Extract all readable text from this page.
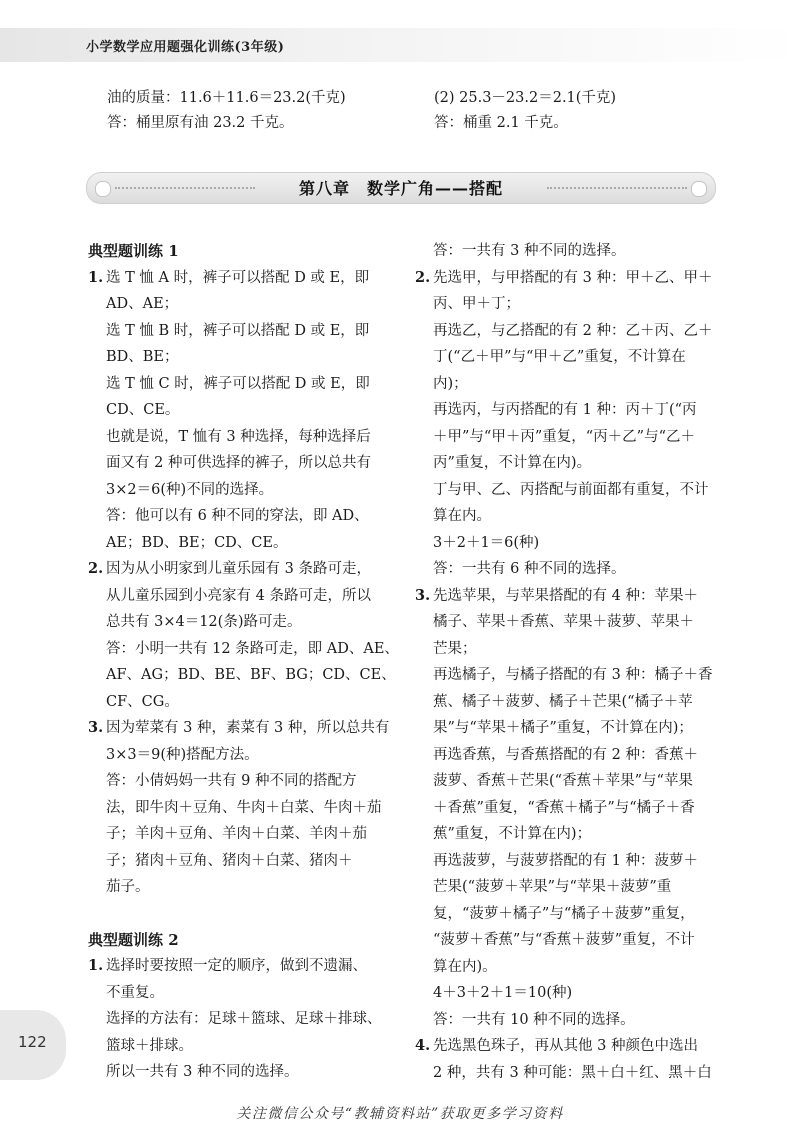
小学数学应用题强化训练(3年级)
油的质量：11.6＋11.6＝23.2(千克)
答：桶里原有油 23.2 千克。
(2) 25.3－23.2＝2.1(千克)
答：桶重 2.1 千克。
第八章　数学广角——搭配
典型题训练 1
1. 选 T 恤 A 时，裤子可以搭配 D 或 E，即
AD、AE；
选 T 恤 B 时，裤子可以搭配 D 或 E，即
BD、BE；
选 T 恤 C 时，裤子可以搭配 D 或 E，即
CD、CE。
也就是说，T 恤有 3 种选择，每种选择后
面又有 2 种可供选择的裤子，所以总共有
3×2＝6(种)不同的选择。
答：他可以有 6 种不同的穿法，即 AD、
AE；BD、BE；CD、CE。
2. 因为从小明家到儿童乐园有 3 条路可走，
从儿童乐园到小亮家有 4 条路可走，所以
总共有 3×4＝12(条)路可走。
答：小明一共有 12 条路可走，即 AD、AE、
AF、AG；BD、BE、BF、BG；CD、CE、
CF、CG。
3. 因为荤菜有 3 种，素菜有 3 种，所以总共有
3×3＝9(种)搭配方法。
答：小倩妈妈一共有 9 种不同的搭配方
法，即牛肉＋豆角、牛肉＋白菜、牛肉＋茄
子；羊肉＋豆角、羊肉＋白菜、羊肉＋茄
子；猪肉＋豆角、猪肉＋白菜、猪肉＋
茄子。
典型题训练 2
1. 选择时要按照一定的顺序，做到不遗漏、
不重复。
选择的方法有：足球＋篮球、足球＋排球、
篮球＋排球。
所以一共有 3 种不同的选择。
答：一共有 3 种不同的选择。
2. 先选甲，与甲搭配的有 3 种：甲＋乙、甲＋
丙、甲＋丁；
再选乙，与乙搭配的有 2 种：乙＋丙、乙＋
丁(“乙＋甲”与“甲＋乙”重复，不计算在
内)；
再选丙，与丙搭配的有 1 种：丙＋丁(“丙
＋甲”与“甲＋丙”重复，“丙＋乙”与“乙＋
丙”重复，不计算在内)。
丁与甲、乙、丙搭配与前面都有重复，不计
算在内。
3＋2＋1＝6(种)
答：一共有 6 种不同的选择。
3. 先选苹果，与苹果搭配的有 4 种：苹果＋
橘子、苹果＋香蕉、苹果＋菠萝、苹果＋
芒果；
再选橘子，与橘子搭配的有 3 种：橘子＋香
蕉、橘子＋菠萝、橘子＋芒果(“橘子＋苹
果”与“苹果＋橘子”重复，不计算在内)；
再选香蕉，与香蕉搭配的有 2 种：香蕉＋
菠萝、香蕉＋芒果(“香蕉＋苹果”与“苹果
＋香蕉”重复，“香蕉＋橘子”与“橘子＋香
蕉”重复，不计算在内)；
再选菠萝，与菠萝搭配的有 1 种：菠萝＋
芒果(“菠萝＋苹果”与“苹果＋菠萝”重
复，“菠萝＋橘子”与“橘子＋菠萝”重复，
“菠萝＋香蕉”与“香蕉＋菠萝”重复，不计
算在内)。
4＋3＋2＋1＝10(种)
答：一共有 10 种不同的选择。
4. 先选黑色珠子，再从其他 3 种颜色中选出
2 种，共有 3 种可能：黑＋白＋红、黑＋白
122
关注微信公众号“教辅资料站”获取更多学习资料
